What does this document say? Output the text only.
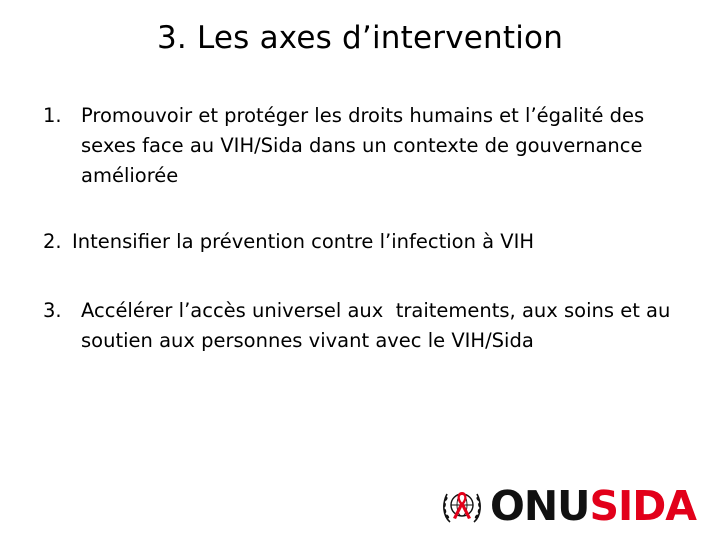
3. Les axes d’intervention
1. Promouvoir et protéger les droits humains et l’égalité des sexes face au VIH/Sida dans un contexte de gouvernance améliorée
2. Intensifier la prévention contre l’infection à VIH
3. Accélérer l’accès universel aux  traitements, aux soins et au soutien aux personnes vivant avec le VIH/Sida
ONUSIDA
